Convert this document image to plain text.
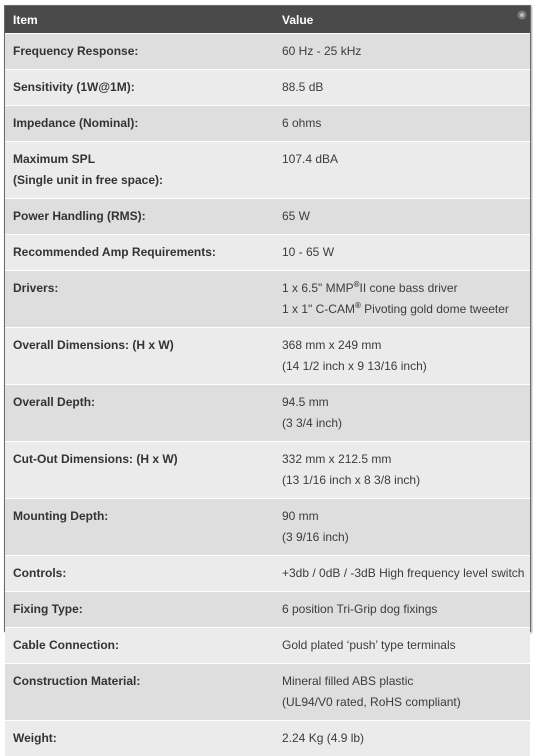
Item	Value
Frequency Response:	60 Hz - 25 kHz

Sensitivity (1W@1M):	88.5 dB

Impedance (Nominal):	6 ohms

Maximum SPL
(Single unit in free space):	107.4 dBA

Power Handling (RMS):	65 W

Recommended Amp Requirements:	10 - 65 W

Drivers:	1 x 6.5" MMP®II cone bass driver
1 x 1" C-CAM® Pivoting gold dome tweeter

Overall Dimensions: (H x W)	368 mm x 249 mm
(14 1/2 inch x 9 13/16 inch)

Overall Depth:	94.5 mm
(3 3/4 inch)

Cut-Out Dimensions: (H x W)	332 mm x 212.5 mm
(13 1/16 inch x 8 3/8 inch)

Mounting Depth:	90 mm
(3 9/16 inch)

Controls:	+3db / 0dB / -3dB High frequency level switch

Fixing Type:	6 position Tri-Grip dog fixings

Cable Connection:	Gold plated ‘push’ type terminals

Construction Material:	Mineral filled ABS plastic
(UL94/V0 rated, RoHS compliant)

Weight:	2.24 Kg (4.9 lb)
